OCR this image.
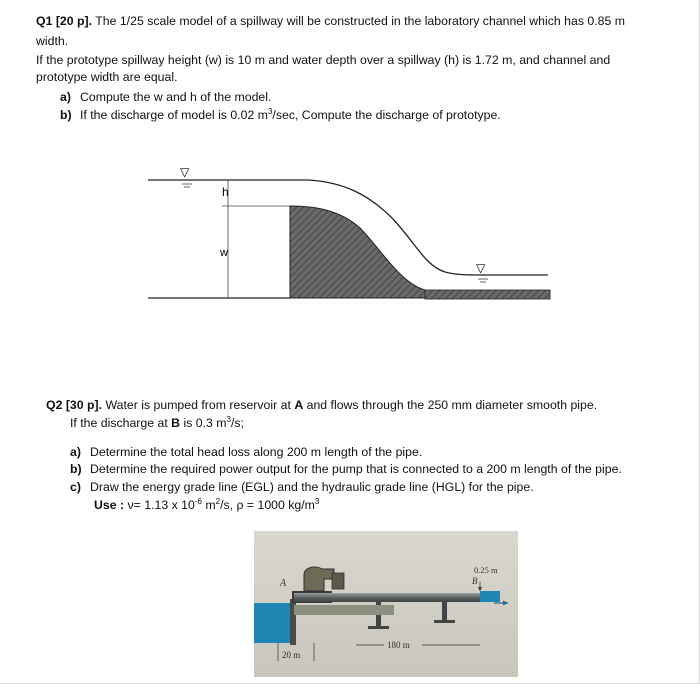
Q1 [20 p]. The 1/25 scale model of a spillway will be constructed in the laboratory channel which has 0.85 m
width.
If the prototype spillway height (w) is 10 m and water depth over a spillway (h) is 1.72 m, and channel and
prototype width are equal.
a) Compute the w and h of the model.
b) If the discharge of model is 0.02 $m^3/\sec$, Compute the discharge of prototype.
h
w
▽
▽
Q2 [30 p]. Water is pumped from reservoir at A and flows through the 250 mm diameter smooth pipe.
If the discharge at B is 0.3 $m^3/s$;
a) Determine the total head loss along 200 m length of the pipe.
b) Determine the required power output for the pump that is connected to a 200 m length of the pipe.
c) Draw the energy grade line (EGL) and the hydraulic grade line (HGL) for the pipe.
Use : ν= 1.13 x $10^{-6}$ $m^2/s$, ρ = 1000 $kg/m^3$
A	B
0.25 m
20 m
180 m
